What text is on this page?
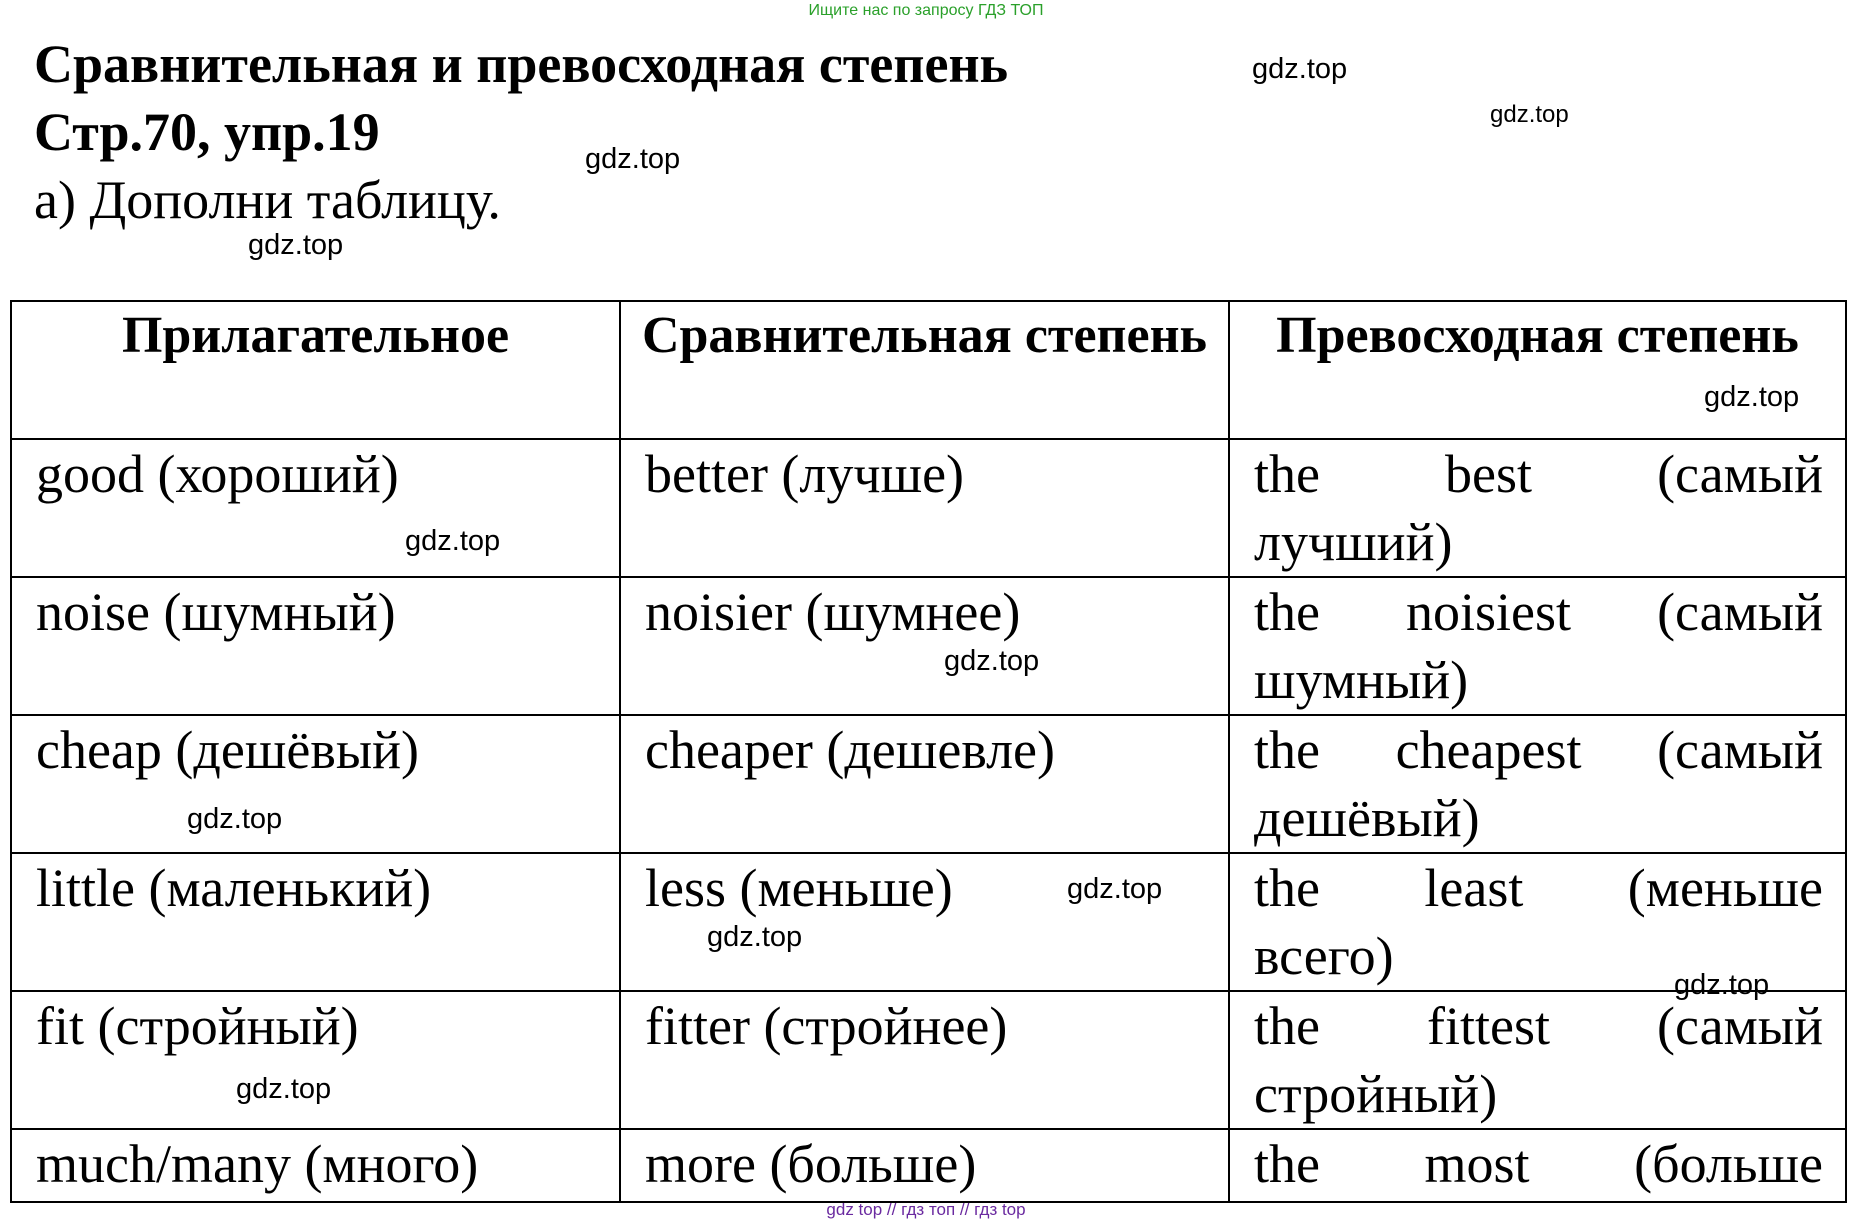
Ищите нас по запросу ГДЗ ТОП
Сравнительная и превосходная степень
Стр.70, упр.19
а) Дополни таблицу.
gdz.top
gdz.top
gdz.top
gdz.top
Прилагательное	Сравнительная степень	Превосходная степень
good (хороший)	better (лучше)	the best (самый
лучший)
noise (шумный)	noisier (шумнее)	the noisiest (самый
шумный)
cheap (дешёвый)	cheaper (дешевле)	the cheapest (самый
дешёвый)
little (маленький)	less (меньше)	the least (меньше
всего)
fit (стройный)	fitter (стройнее)	the fittest (самый
стройный)
much/many (много)	more (больше)	the most (больше
gdz.top
gdz.top
gdz.top
gdz.top
gdz.top
gdz.top
gdz.top
gdz.top
gdz top // гдз топ // гдз top
